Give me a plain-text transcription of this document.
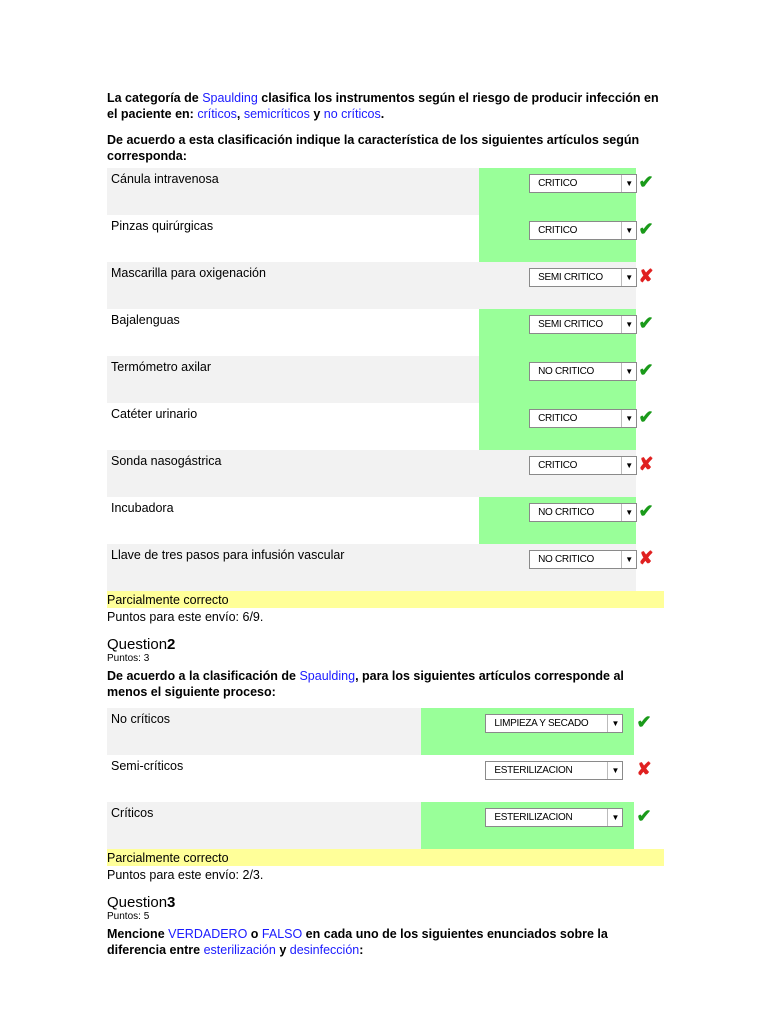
La categoría de Spaulding clasifica los instrumentos según el riesgo de producir infección en el paciente en: críticos, semicríticos y no críticos.

De acuerdo a esta clasificación indique la característica de los siguientes artículos según corresponda:

Cánula intravenosa	CRITICO ▼	✔

Pinzas quirúrgicas	CRITICO ▼	✔

Mascarilla para oxigenación	SEMI CRITICO ▼	✘

Bajalenguas	SEMI CRITICO ▼	✔

Termómetro axilar	NO CRITICO ▼	✔

Catéter urinario	CRITICO ▼	✔

Sonda nasogástrica	CRITICO ▼	✘

Incubadora	NO CRITICO ▼	✔

Llave de tres pasos para infusión vascular	NO CRITICO ▼	✘
Parcialmente correcto
Puntos para este envío: 6/9.

Question2

Puntos: 3

De acuerdo a la clasificación de Spaulding, para los siguientes artículos corresponde al menos el siguiente proceso:

No críticos	LIMPIEZA Y SECADO ▼	✔

Semi-críticos	ESTERILIZACION ▼	✘

Críticos	ESTERILIZACION ▼	✔
Parcialmente correcto
Puntos para este envío: 2/3.

Question3

Puntos: 5

Mencione VERDADERO o FALSO en cada uno de los siguientes enunciados sobre la diferencia entre esterilización y desinfección:
